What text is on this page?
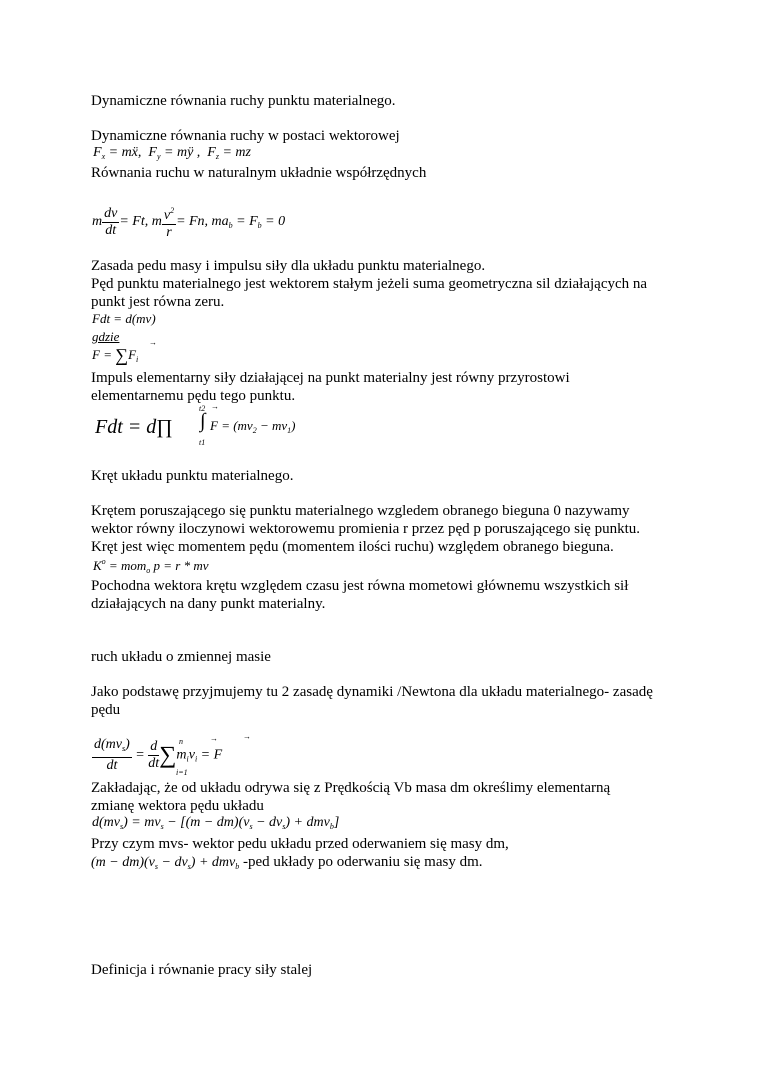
Dynamiczne równania ruchy punktu materialnego.
Dynamiczne równania ruchy w postaci wektorowej
$F_x$ = mẍ,  $F_y$ = mÿ ,  $F_z$ = mz
Równania ruchu w naturalnym układnie współrzędnych
m $\frac{dv}{dt} = Ft$, m $\frac{v^2}{r} = Fn$, $ma_b = F_b = 0$
Zasada pedu masy i impulsu siły dla układu punktu materialnego.
Pęd punktu materialnego jest wektorem stałym jeżeli suma geometryczna sil działających na
punkt jest równa zeru.
Fdt = d(mv)
gdzie
$F = \sum F_i$
→
Impuls elementarny siły działającej na punkt materialny jest równy przyrostowi
elementarnemu pędu tego punktu.
Fdt = d∏
t2
∫
t1
→
$F = (mv_2 - mv_1)$
Kręt układu punktu materialnego.
Krętem poruszającego się punktu materialnego wzgledem obranego bieguna 0 nazywamy
wektor równy iloczynowi wektorowemu promienia r przez pęd p poruszającego się punktu.
Kręt jest więc momentem pędu (momentem ilości ruchu) względem obranego bieguna.
$K^o = mom_o$ p = r * mv
Pochodna wektora krętu względem czasu jest równa mometowi głównemu wszystkich sił
działających na dany punkt materialny.
ruch układu o zmiennej masie
Jako podstawę przyjmujemy tu 2 zasadę dynamiki /Newtona dla układu materialnego- zasadę
pędu
$\frac{d(mv_s)}{dt} = \frac{d}{dt} \sum m_iv_i = F$
n
i=1
→	→
Zakładając, że od układu odrywa się z Prędkością Vb masa dm określimy elementarną
zmianę wektora pędu układu
$d(mv_s) = mv_s - [(m - dm)(v_s - dv_s) + dmv_b]$
Przy czym mvs- wektor pedu układu przed oderwaniem się masy dm,
$(m - dm)(v_s - dv_s) + dmv_b$ -ped układy po oderwaniu się masy dm.
Definicja i równanie pracy siły stalej
